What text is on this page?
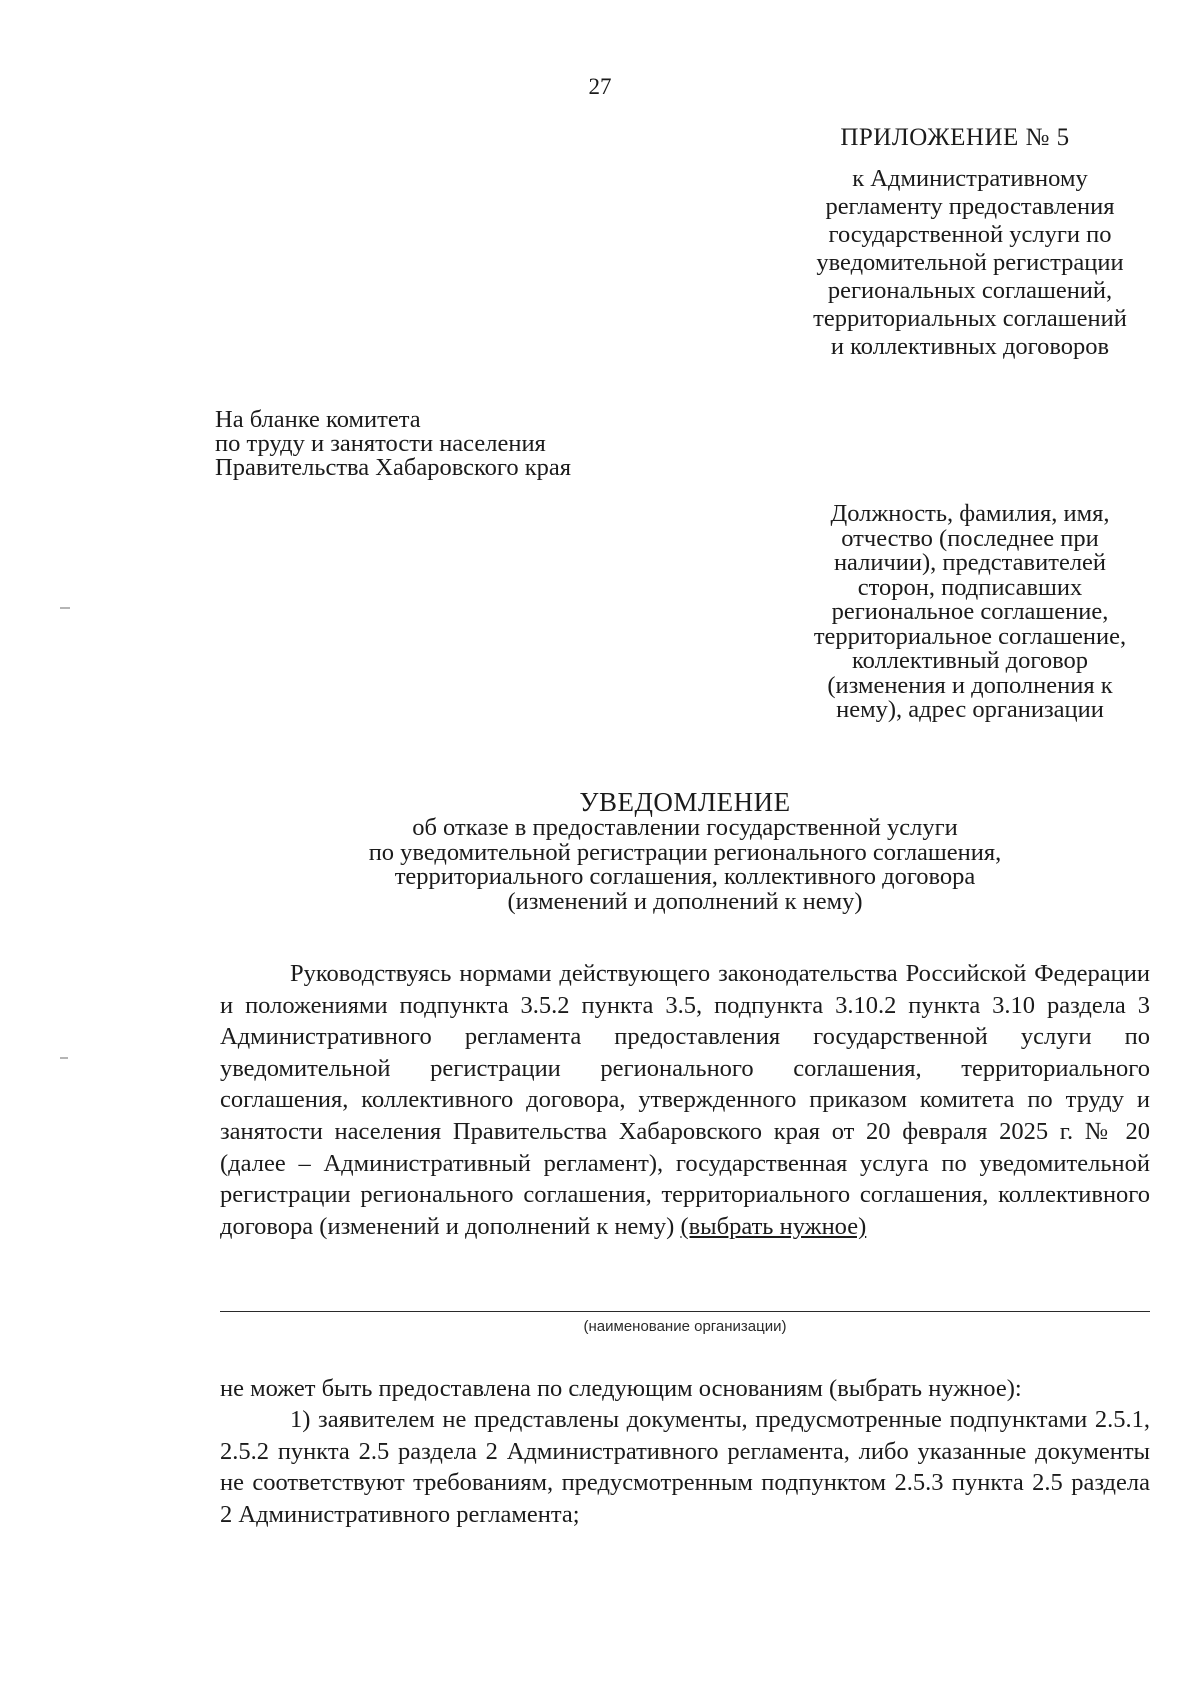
27
ПРИЛОЖЕНИЕ № 5
к Административному
регламенту предоставления
государственной услуги по
уведомительной регистрации
региональных соглашений,
территориальных соглашений
и коллективных договоров
На бланке комитета
по труду и занятости населения
Правительства Хабаровского края
Должность, фамилия, имя,
отчество (последнее при
наличии), представителей
сторон, подписавших
региональное соглашение,
территориальное соглашение,
коллективный договор
(изменения и дополнения к
нему), адрес организации
УВЕДОМЛЕНИЕ
об отказе в предоставлении государственной услуги
по уведомительной регистрации регионального соглашения,
территориального соглашения, коллективного договора
(изменений и дополнений к нему)
Руководствуясь нормами действующего законодательства Российской Федерации и положениями подпункта 3.5.2 пункта 3.5, подпункта 3.10.2 пункта 3.10 раздела 3 Административного регламента предоставления государственной услуги по уведомительной регистрации регионального соглашения, территориального соглашения, коллективного договора, утвержденного приказом комитета по труду и занятости населения Правительства Хабаровского края от 20 февраля 2025 г. № 20 (далее – Административный регламент), государственная услуга по уведомительной регистрации регионального соглашения, территориального соглашения, коллективного договора (изменений и дополнений к нему) (выбрать нужное)
(наименование организации)
не может быть предоставлена по следующим основаниям (выбрать нужное):
1) заявителем не представлены документы, предусмотренные подпунктами 2.5.1, 2.5.2 пункта 2.5 раздела 2 Административного регламента, либо указанные документы не соответствуют требованиям, предусмотренным подпунктом 2.5.3 пункта 2.5 раздела 2 Административного регламента;
